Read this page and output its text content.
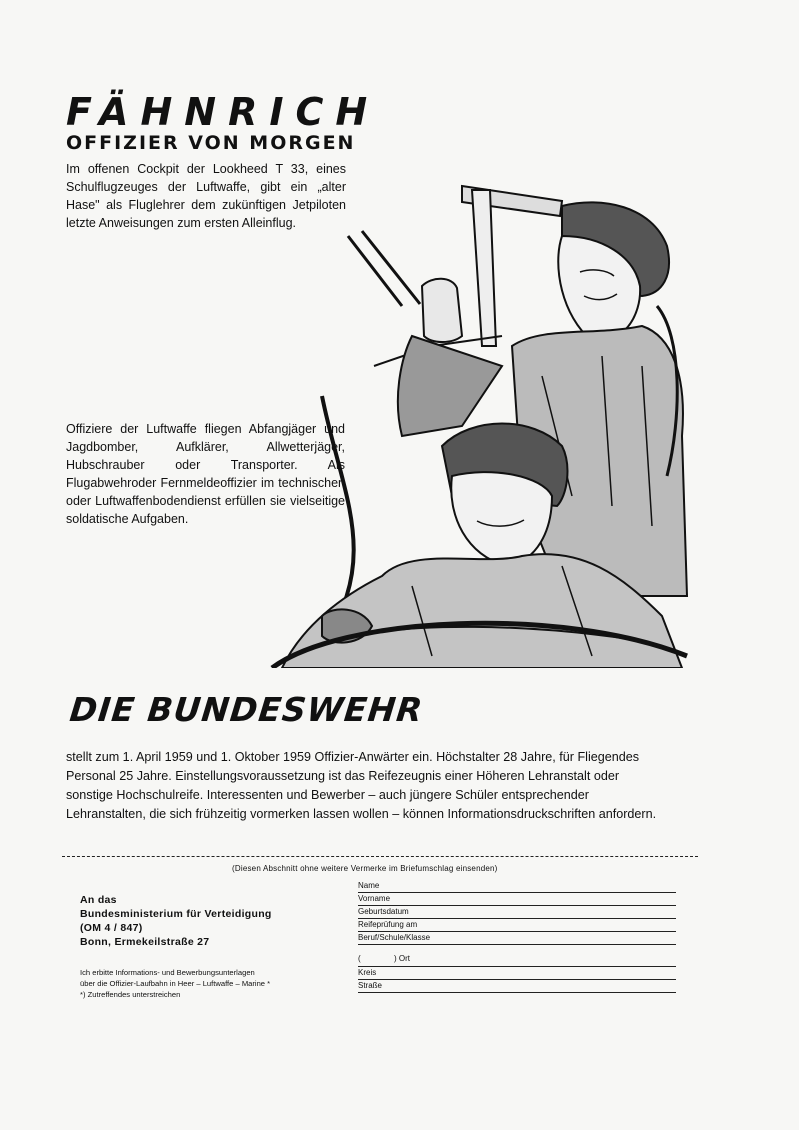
FÄHNRICH
OFFIZIER VON MORGEN
Im offenen Cockpit der Lookheed T 33, eines Schulflugzeuges der Luftwaffe, gibt ein „alter Hase" als Fluglehrer dem zukünftigen Jetpiloten letzte Anweisungen zum ersten Alleinflug.
Offiziere der Luftwaffe fliegen Abfangjäger und Jagdbomber, Aufklärer, Allwetterjäger, Hubschrauber oder Transporter. Als Flugabwehroder Fernmeldeoffizier im technischen oder Luftwaffenbodendienst erfüllen sie vielseitige soldatische Aufgaben.
DIE BUNDESWEHR
stellt zum 1. April 1959 und 1. Oktober 1959 Offizier-Anwärter ein. Höchstalter 28 Jahre, für Fliegendes Personal 25 Jahre. Einstellungsvoraussetzung ist das Reifezeugnis einer Höheren Lehranstalt oder sonstige Hochschulreife. Interessenten und Bewerber – auch jüngere Schüler entsprechender Lehranstalten, die sich frühzeitig vormerken lassen wollen – können Informationsdruckschriften anfordern.
(Diesen Abschnitt ohne weitere Vermerke im Briefumschlag einsenden)
An das
Bundesministerium für Verteidigung
(OM 4 / 847)
Bonn, Ermekeilstraße 27
Ich erbitte Informations- und Bewerbungsunterlagen
über die Offizier-Laufbahn in Heer – Luftwaffe – Marine *
*) Zutreffendes unterstreichen
Name
Vorname
Geburtsdatum
Reifeprüfung am
Beruf/Schule/Klasse
(	) Ort
Kreis
Straße
